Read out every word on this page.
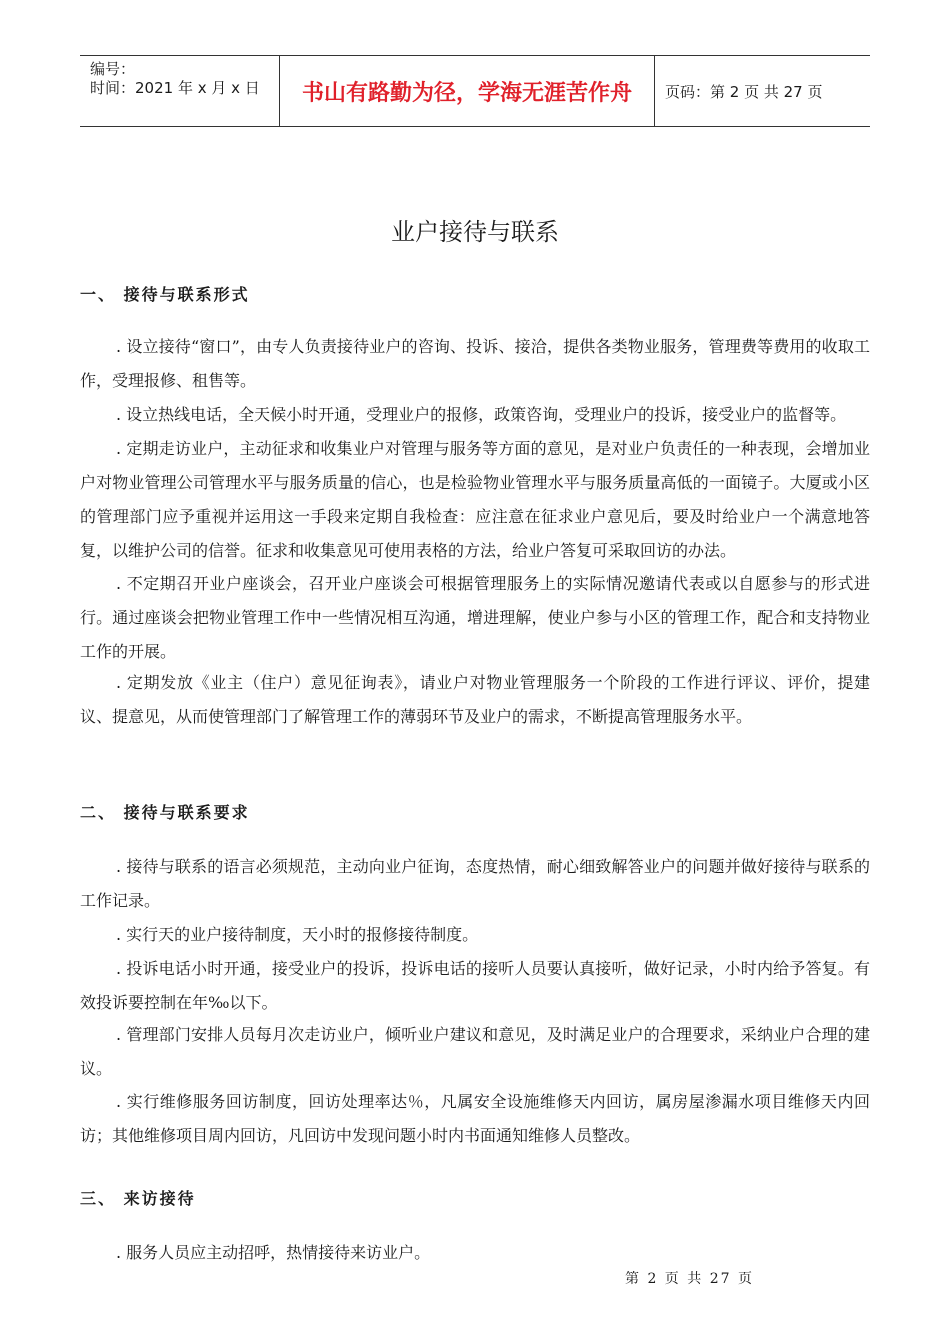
编号：
时间：2021 年 x 月 x 日	书山有路勤为径，学海无涯苦作舟	页码：第 2 页 共 27 页
业户接待与联系
一、 接待与联系形式
. 设立接待“窗口”，由专人负责接待业户的咨询、投诉、接洽，提供各类物业服务，管理费等费用的收取工作，受理报修、租售等。
. 设立热线电话，全天候小时开通，受理业户的报修，政策咨询，受理业户的投诉，接受业户的监督等。
. 定期走访业户，主动征求和收集业户对管理与服务等方面的意见，是对业户负责任的一种表现，会增加业户对物业管理公司管理水平与服务质量的信心，也是检验物业管理水平与服务质量高低的一面镜子。大厦或小区的管理部门应予重视并运用这一手段来定期自我检查：应注意在征求业户意见后，要及时给业户一个满意地答复，以维护公司的信誉。征求和收集意见可使用表格的方法，给业户答复可采取回访的办法。
. 不定期召开业户座谈会，召开业户座谈会可根据管理服务上的实际情况邀请代表或以自愿参与的形式进行。通过座谈会把物业管理工作中一些情况相互沟通，增进理解，使业户参与小区的管理工作，配合和支持物业工作的开展。
. 定期发放《业主（住户）意见征询表》，请业户对物业管理服务一个阶段的工作进行评议、评价，提建议、提意见，从而使管理部门了解管理工作的薄弱环节及业户的需求，不断提高管理服务水平。
二、 接待与联系要求
. 接待与联系的语言必须规范，主动向业户征询，态度热情，耐心细致解答业户的问题并做好接待与联系的工作记录。
. 实行天的业户接待制度，天小时的报修接待制度。
. 投诉电话小时开通，接受业户的投诉，投诉电话的接听人员要认真接听，做好记录，小时内给予答复。有效投诉要控制在年‰以下。
. 管理部门安排人员每月次走访业户，倾听业户建议和意见，及时满足业户的合理要求，采纳业户合理的建议。
. 实行维修服务回访制度，回访处理率达％，凡属安全设施维修天内回访，属房屋渗漏水项目维修天内回访；其他维修项目周内回访，凡回访中发现问题小时内书面通知维修人员整改。
三、 来访接待
. 服务人员应主动招呼，热情接待来访业户。
第 2 页 共 27 页
